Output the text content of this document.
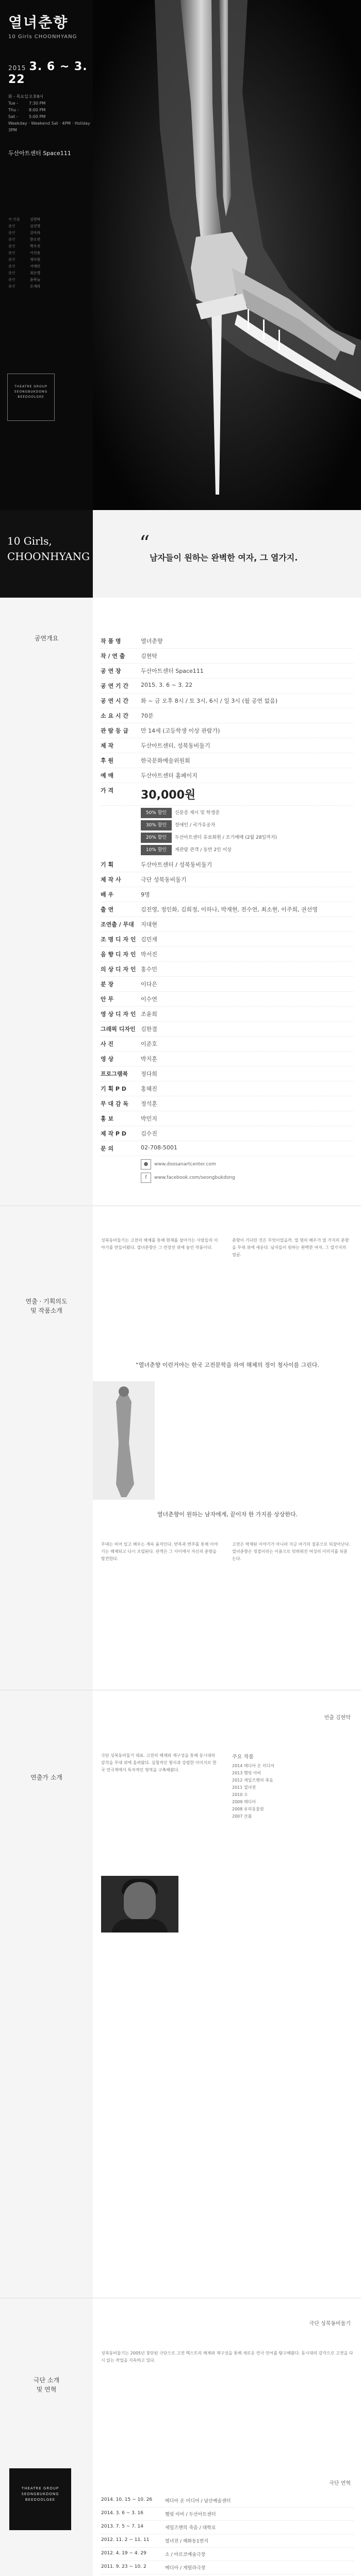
열녀춘향
10 Girls CHOONHYANG
2015 3. 6 ~ 3. 22
화 - 목요일 오후8시
Tue -	7:30 PM
Thu -	8:00 PM
Sat -	5:00 PM
Weekday · Weekend Sat · 4PM · Holiday 3PM
두산아트센터 Space111
작·연출	김현탁
출연	김진영
출연	김아라
출연	한소연
출연	박수진
출연	이진솔
출연	정다원
출연	서예린
출연	최은별
출연	윤하늘
출연	오세라
THEATRE GROUP SEONGBUKDONG BEEDOOLGEE
10 Girls,
CHOONHYANG
“
남자들이 원하는 완벽한 여자, 그 열가지.
공연개요	작 품 명	열녀춘향
작 / 연 출	김현탁
공 연 장	두산아트센터 Space111
공 연 기 간	2015. 3. 6 ~ 3. 22
공 연 시 간	화 ~ 금 오후 8시 / 토 3시, 6시 / 일 3시 (월 공연 없음)
소 요 시 간	70분
관 람 등 급	만 14세 (고등학생 이상 관람가)
제 작	두산아트센터, 성북동비둘기
후 원	한국문화예술위원회
예 매	두산아트센터 홈페이지
가 격	30,000원
50% 할인	신분증 제시 및 학생증
30% 할인	장애인 / 국가유공자
20% 할인	두산아트센터 유료회원 / 조기예매 (2월 28일까지)
10% 할인	재관람 관객 / 동반 2인 이상
기 획	두산아트센터 / 성북동비둘기
제 작 사	극단 성북동비둘기
배 우	9명
출 연	김진영, 정인화, 김희정, 이하나, 박재현, 전수연, 최소현, 이주희, 권선영
조연출 / 무대	지대현
조 명 디 자 인 김민재
음 향 디 자 인 박서진
의 상 디 자 인 홍수민
분 장	이다은
안 무	이수연
영 상 디 자 인 조윤희
그래픽 디자인 김한결
사 진	이준호
영 상	박지훈
프로그램북	정다희
기 획 P D	홍혜진
무 대 감 독	정석훈
홍 보	박민지
제 작 P D	김수진
문 의	02-708-5001
●	www.doosanartcenter.com
f	www.facebook.com/seongbukdong
연출 · 기획의도
및 작품소개
성북동비둘기는 고전의 해체를 통해 현재를 살아가는 사람들의 이야기를 만들어왔다. 열녀춘향은 그 연장선 위에 놓인 작품이다.
춘향이 기다린 것은 무엇이었을까. 열 명의 배우가 열 가지의 춘향을 무대 위에 세운다. 남자들이 원하는 완벽한 여자, 그 열가지의 얼굴.
“열녀춘향 이런거야는 한국 고전문학을 하여 해체의 정이 청사이를 그린다.
무대는 비어 있고 배우는 계속 움직인다. 반복과 변주를 통해 이야기는 해체되고 다시 조립된다. 관객은 그 사이에서 자신의 춘향을 발견한다.
고전은 박제된 이야기가 아니라 지금 여기의 질문으로 되살아난다. 열녀춘향은 정절이라는 이름으로 덧씌워진 여성의 이미지를 되묻는다.
열녀춘향이 원하는 남자에게, 끝이자 한 가지를 상상한다.
연출가 소개
연출 김현탁
극단 성북동비둘기 대표. 고전의 해체와 재구성을 통해 동시대의 감각을 무대 위에 올려왔다. 실험적인 형식과 강렬한 이미지로 한국 연극계에서 독자적인 영역을 구축해왔다.
주요 작품
2014 메디아 온 미디어
2013 햄릿 아비
2012 세일즈맨의 죽음
2011 열녀전
2010 소
2009 메디아
2008 유리동물원
2007 산불
극단 소개
및 연혁
극단 성북동비둘기
THEATRE GROUP SEONGBUKDONG BEEDOOLGEE
성북동비둘기는 2005년 창단된 극단으로 고전 텍스트의 해체와 재구성을 통해 새로운 연극 언어를 탐구해왔다. 동시대의 감각으로 고전을 다시 읽는 작업을 지속하고 있다.
극단 연혁
2014. 10. 15 ~ 10. 26	메디아 온 미디어 / 남산예술센터
2014. 3. 6 ~ 3. 16	햄릿 아비 / 두산아트센터
2013. 7. 5 ~ 7. 14	세일즈맨의 죽음 / 대학로
2012. 11. 2 ~ 11. 11	열녀전 / 혜화동1번지
2012. 4. 19 ~ 4. 29	소 / 아르코예술극장
2011. 9. 23 ~ 10. 2	메디아 / 게릴라극장
